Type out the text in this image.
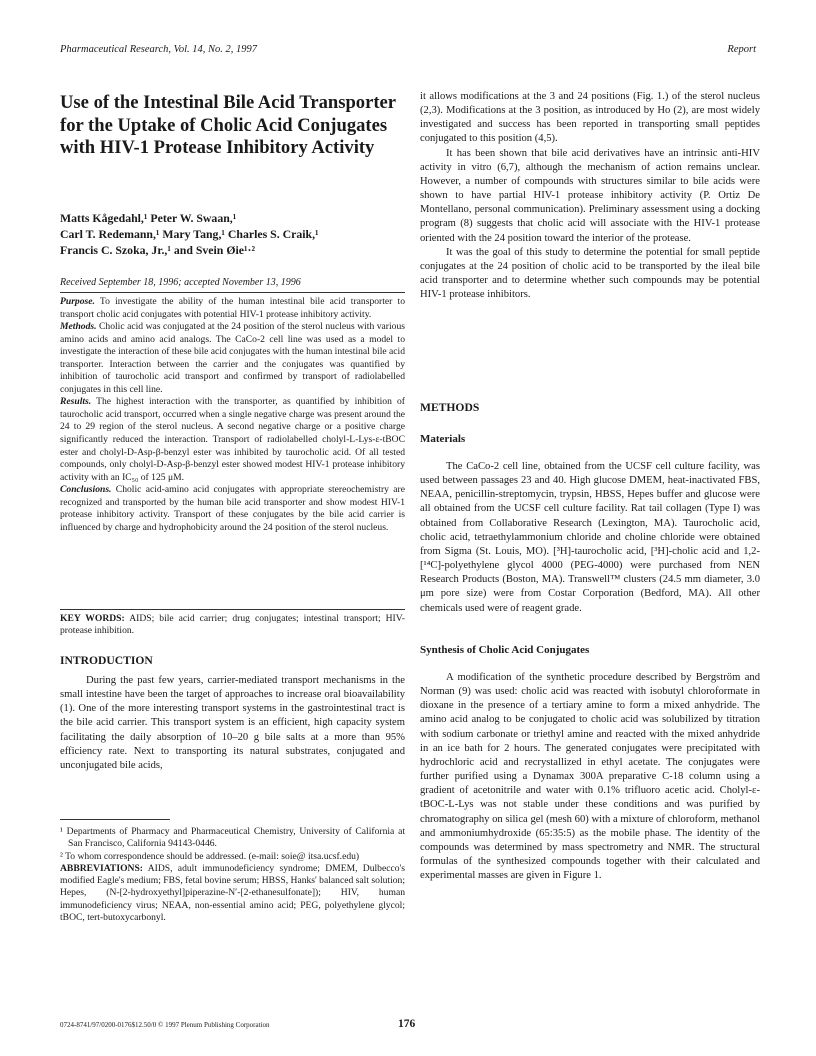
Pharmaceutical Research, Vol. 14, No. 2, 1997	Report
Use of the Intestinal Bile Acid Transporter for the Uptake of Cholic Acid Conjugates with HIV-1 Protease Inhibitory Activity
Matts Kågedahl,¹ Peter W. Swaan,¹
Carl T. Redemann,¹ Mary Tang,¹ Charles S. Craik,¹
Francis C. Szoka, Jr.,¹ and Svein Øie¹·²
Received September 18, 1996; accepted November 13, 1996

Purpose. To investigate the ability of the human intestinal bile acid transporter to transport cholic acid conjugates with potential HIV-1 protease inhibitory activity.

Methods. Cholic acid was conjugated at the 24 position of the sterol nucleus with various amino acids and amino acid analogs. The CaCo-2 cell line was used as a model to investigate the interaction of these bile acid conjugates with the human intestinal bile acid transporter. Interaction between the carrier and the conjugates was quantified by inhibition of taurocholic acid transport and confirmed by transport of radiolabelled conjugates in this cell line.

Results. The highest interaction with the transporter, as quantified by inhibition of taurocholic acid transport, occurred when a single negative charge was present around the 24 to 29 region of the sterol nucleus. A second negative charge or a positive charge significantly reduced the interaction. Transport of radiolabelled cholyl-L-Lys-ε-tBOC ester and cholyl-D-Asp-β-benzyl ester was inhibited by taurocholic acid. Of all tested compounds, only cholyl-D-Asp-β-benzyl ester showed modest HIV-1 protease inhibitory activity with an IC₅₀ of 125 μM.

Conclusions. Cholic acid-amino acid conjugates with appropriate stereochemistry are recognized and transported by the human bile acid transporter and show modest HIV-1 protease inhibitory activity. Transport of these conjugates by the bile acid carrier is influenced by charge and hydrophobicity around the 24 position of the sterol nucleus.

KEY WORDS: AIDS; bile acid carrier; drug conjugates; intestinal transport; HIV-protease inhibition.
INTRODUCTION

During the past few years, carrier-mediated transport mechanisms in the small intestine have been the target of approaches to increase oral bioavailability (1). One of the more interesting transport systems in the gastrointestinal tract is the bile acid carrier. This transport system is an efficient, high capacity system facilitating the daily absorption of 10–20 g bile salts at a more than 95% efficiency rate. Next to transporting its natural substrates, conjugated and unconjugated bile acids,

¹ Departments of Pharmacy and Pharmaceutical Chemistry, University of California at San Francisco, California 94143-0446.

² To whom correspondence should be addressed. (e-mail: soie@ itsa.ucsf.edu)

ABBREVIATIONS: AIDS, adult immunodeficiency syndrome; DMEM, Dulbecco's modified Eagle's medium; FBS, fetal bovine serum; HBSS, Hanks' balanced salt solution; Hepes, (N-[2-hydroxyethyl]piperazine-N′-[2-ethanesulfonate]); HIV, human immunodeficiency virus; NEAA, non-essential amino acid; PEG, polyethylene glycol; tBOC, tert-butoxycarbonyl.

it allows modifications at the 3 and 24 positions (Fig. 1.) of the sterol nucleus (2,3). Modifications at the 3 position, as introduced by Ho (2), are most widely investigated and success has been reported in transporting small peptides conjugated to this position (4,5).

It has been shown that bile acid derivatives have an intrinsic anti-HIV activity in vitro (6,7), although the mechanism of action remains unclear. However, a number of compounds with structures similar to bile acids were shown to have partial HIV-1 protease inhibitory activity (P. Ortiz De Montellano, personal communication). Preliminary assessment using a docking program (8) suggests that cholic acid will associate with the HIV-1 protease oriented with the 24 position toward the interior of the protease.

It was the goal of this study to determine the potential for small peptide conjugates at the 24 position of cholic acid to be transported by the ileal bile acid transporter and to determine whether such compounds may be potential HIV-1 protease inhibitors.

METHODS
Materials

The CaCo-2 cell line, obtained from the UCSF cell culture facility, was used between passages 23 and 40. High glucose DMEM, heat-inactivated FBS, NEAA, penicillin-streptomycin, trypsin, HBSS, Hepes buffer and glucose were all obtained from the UCSF cell culture facility. Rat tail collagen (Type I) was obtained from Collaborative Research (Lexington, MA). Taurocholic acid, cholic acid, tetraethylammonium chloride and choline chloride were obtained from Sigma (St. Louis, MO). [³H]-taurocholic acid, [³H]-cholic acid and 1,2-[¹⁴C]-polyethylene glycol 4000 (PEG-4000) were purchased from NEN Research Products (Boston, MA). Transwell™ clusters (24.5 mm diameter, 3.0 μm pore size) were from Costar Corporation (Bedford, MA). All other chemicals used were of reagent grade.

Synthesis of Cholic Acid Conjugates

A modification of the synthetic procedure described by Bergström and Norman (9) was used: cholic acid was reacted with isobutyl chloroformate in dioxane in the presence of a tertiary amine to form a mixed anhydride. The amino acid analog to be conjugated to cholic acid was solubilized by titration with sodium carbonate or triethyl amine and reacted with the mixed anhydride in an ice bath for 2 hours. The generated conjugates were precipitated with hydrochloric acid and recrystallized in ethyl acetate. The conjugates were further purified using a Dynamax 300A preparative C-18 column using a gradient of acetonitrile and water with 0.1% trifluoro acetic acid. Cholyl-ε-tBOC-L-Lys was not stable under these conditions and was purified by chromatography on silica gel (mesh 60) with a mixture of chloroform, methanol and ammoniumhydroxide (65:35:5) as the mobile phase. The identity of the compounds was determined by mass spectrometry and NMR. The structural formulas of the synthesized compounds together with their calculated and experimental masses are given in Figure 1.

0724-8741/97/0200-0176$12.50/0 © 1997 Plenum Publishing Corporation	176
